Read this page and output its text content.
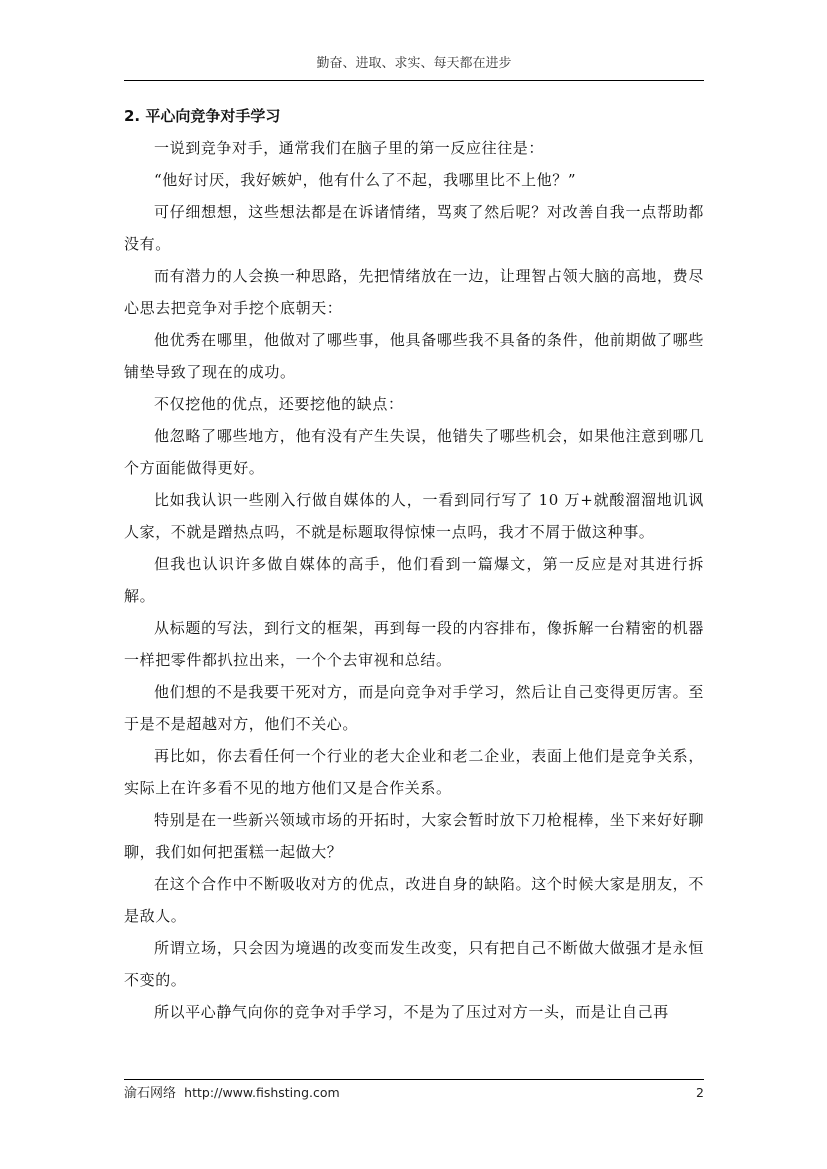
勤奋、进取、求实、每天都在进步

2. 平心向竞争对手学习

一说到竞争对手，通常我们在脑子里的第一反应往往是：

“他好讨厌，我好嫉妒，他有什么了不起，我哪里比不上他？”

可仔细想想，这些想法都是在诉诸情绪，骂爽了然后呢？对改善自我一点帮助都没有。

而有潜力的人会换一种思路，先把情绪放在一边，让理智占领大脑的高地，费尽心思去把竞争对手挖个底朝天：

他优秀在哪里，他做对了哪些事，他具备哪些我不具备的条件，他前期做了哪些铺垫导致了现在的成功。

不仅挖他的优点，还要挖他的缺点：

他忽略了哪些地方，他有没有产生失误，他错失了哪些机会，如果他注意到哪几个方面能做得更好。

比如我认识一些刚入行做自媒体的人，一看到同行写了 10 万+就酸溜溜地讥讽人家，不就是蹭热点吗，不就是标题取得惊悚一点吗，我才不屑于做这种事。

但我也认识许多做自媒体的高手，他们看到一篇爆文，第一反应是对其进行拆解。

从标题的写法，到行文的框架，再到每一段的内容排布，像拆解一台精密的机器一样把零件都扒拉出来，一个个去审视和总结。

他们想的不是我要干死对方，而是向竞争对手学习，然后让自己变得更厉害。至于是不是超越对方，他们不关心。

再比如，你去看任何一个行业的老大企业和老二企业，表面上他们是竞争关系，实际上在许多看不见的地方他们又是合作关系。

特别是在一些新兴领域市场的开拓时，大家会暂时放下刀枪棍棒，坐下来好好聊聊，我们如何把蛋糕一起做大？

在这个合作中不断吸收对方的优点，改进自身的缺陷。这个时候大家是朋友，不是敌人。

所谓立场，只会因为境遇的改变而发生改变，只有把自己不断做大做强才是永恒不变的。

所以平心静气向你的竞争对手学习，不是为了压过对方一头，而是让自己再

渝石网络 http://www.fishsting.com	2
